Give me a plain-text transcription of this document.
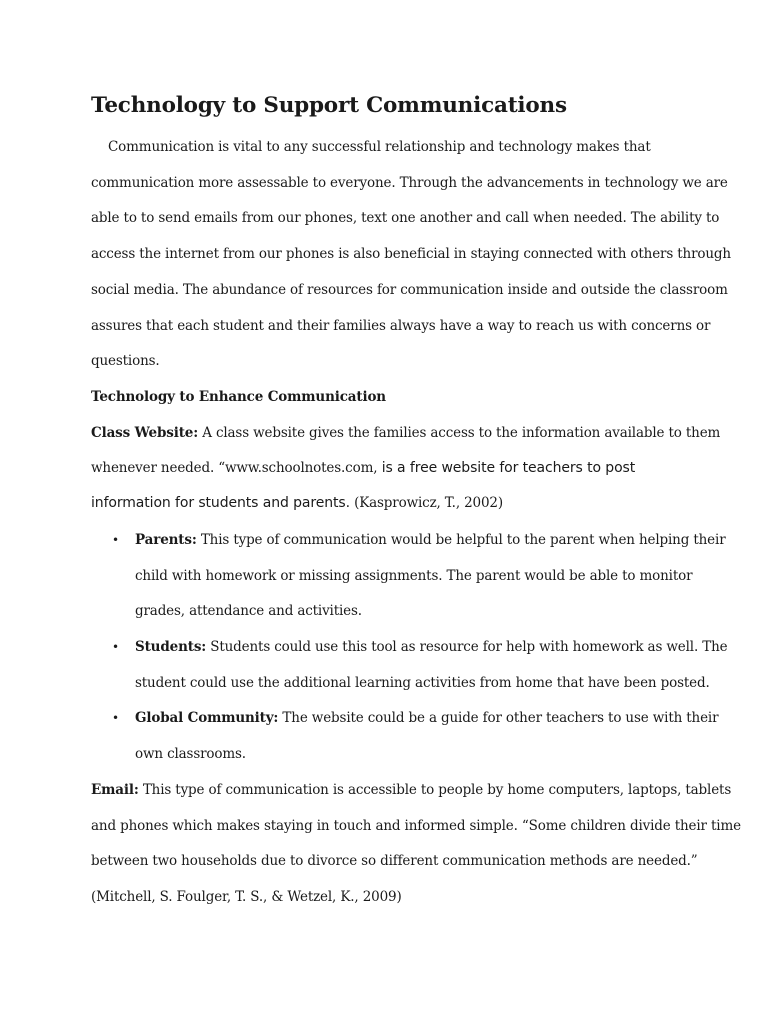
Technology to Support Communications
Communication is vital to any successful relationship and technology makes that
communication more assessable to everyone. Through the advancements in technology we are
able to to send emails from our phones, text one another and call when needed. The ability to
access the internet from our phones is also beneficial in staying connected with others through
social media. The abundance of resources for communication inside and outside the classroom
assures that each student and their families always have a way to reach us with concerns or
questions.
Technology to Enhance Communication
Class Website: A class website gives the families access to the information available to them
whenever needed. “www.schoolnotes.com, is a free website for teachers to post
information for students and parents. (Kasprowicz, T., 2002)
• Parents: This type of communication would be helpful to the parent when helping their
child with homework or missing assignments. The parent would be able to monitor
grades, attendance and activities.
• Students: Students could use this tool as resource for help with homework as well. The
student could use the additional learning activities from home that have been posted.
• Global Community: The website could be a guide for other teachers to use with their
own classrooms.
Email: This type of communication is accessible to people by home computers, laptops, tablets
and phones which makes staying in touch and informed simple. “Some children divide their time
between two households due to divorce so different communication methods are needed.”
(Mitchell, S. Foulger, T. S., & Wetzel, K., 2009)
